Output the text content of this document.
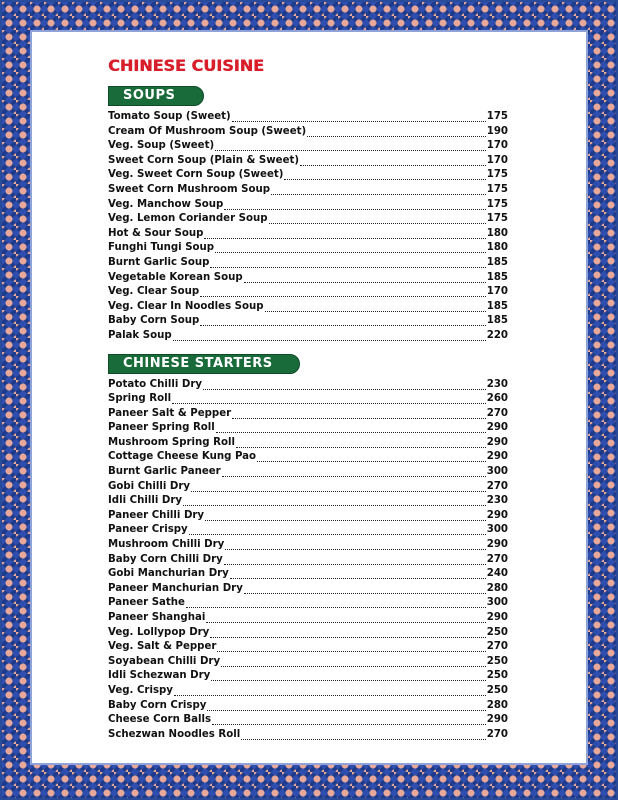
CHINESE CUISINE
SOUPS
Tomato Soup (Sweet)	175
Cream Of Mushroom Soup (Sweet)	190
Veg. Soup (Sweet)	170
Sweet Corn Soup (Plain & Sweet)	170
Veg. Sweet Corn Soup (Sweet)	175
Sweet Corn Mushroom Soup	175
Veg. Manchow Soup	175
Veg. Lemon Coriander Soup	175
Hot & Sour Soup	180
Funghi Tungi Soup	180
Burnt Garlic Soup	185
Vegetable Korean Soup	185
Veg. Clear Soup	170
Veg. Clear In Noodles Soup	185
Baby Corn Soup	185
Palak Soup	220
CHINESE STARTERS
Potato Chilli Dry	230
Spring Roll	260
Paneer Salt & Pepper	270
Paneer Spring Roll	290
Mushroom Spring Roll	290
Cottage Cheese Kung Pao	290
Burnt Garlic Paneer	300
Gobi Chilli Dry	270
Idli Chilli Dry	230
Paneer Chilli Dry	290
Paneer Crispy	300
Mushroom Chilli Dry	290
Baby Corn Chilli Dry	270
Gobi Manchurian Dry	240
Paneer Manchurian Dry	280
Paneer Sathe	300
Paneer Shanghai	290
Veg. Lollypop Dry	250
Veg. Salt & Pepper	270
Soyabean Chilli Dry	250
Idli Schezwan Dry	250
Veg. Crispy	250
Baby Corn Crispy	280
Cheese Corn Balls	290
Schezwan Noodles Roll	270
